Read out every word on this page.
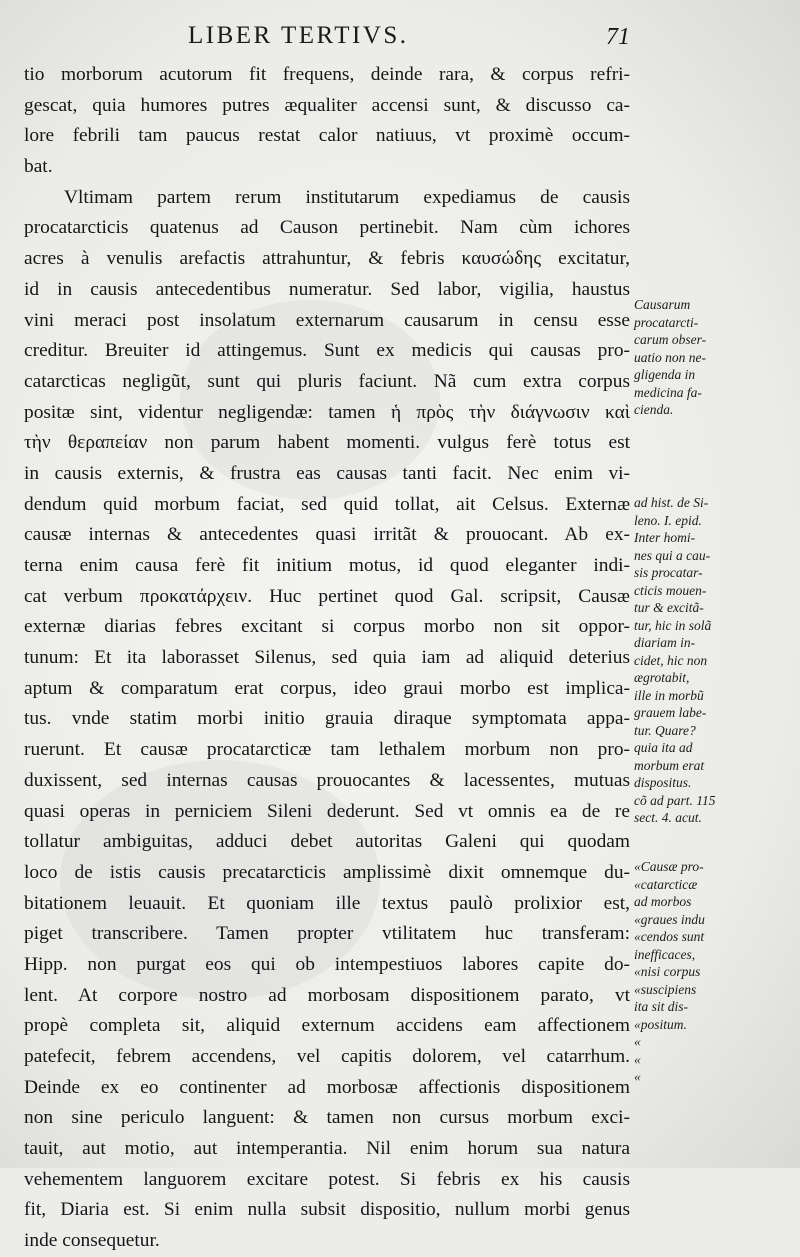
LIBER TERTIVS.	71
tio morborum acutorum fit frequens, deinde rara, & corpus refri-
gescat, quia humores putres æqualiter accensi sunt, & discusso ca-
lore febrili tam paucus restat calor natiuus, vt proximè occum-
bat.
Vltimam partem rerum institutarum expediamus de causis
procatarcticis quatenus ad Causon pertinebit. Nam cùm ichores
acres à venulis arefactis attrahuntur, & febris καυσώδης excitatur,
id in causis antecedentibus numeratur. Sed labor, vigilia, haustus
vini meraci post insolatum externarum causarum in censu esse
creditur. Breuiter id attingemus. Sunt ex medicis qui causas pro-
catarcticas negligũt, sunt qui pluris faciunt. Nã cum extra corpus
positæ sint, videntur negligendæ: tamen ἡ πρὸς τὴν διάγνωσιν καὶ
τὴν θεραπείαν non parum habent momenti. vulgus ferè totus est
in causis externis, & frustra eas causas tanti facit. Nec enim vi-
dendum quid morbum faciat, sed quid tollat, ait Celsus. Externæ
causæ internas & antecedentes quasi irritãt & prouocant. Ab ex-
terna enim causa ferè fit initium motus, id quod eleganter indi-
cat verbum προκατάρχειν. Huc pertinet quod Gal. scripsit, Causæ
externæ diarias febres excitant si corpus morbo non sit oppor-
tunum: Et ita laborasset Silenus, sed quia iam ad aliquid deterius
aptum & comparatum erat corpus, ideo graui morbo est implica-
tus. vnde statim morbi initio grauia diraque symptomata appa-
ruerunt. Et causæ procatarcticæ tam lethalem morbum non pro-
duxissent, sed internas causas prouocantes & lacessentes, mutuas
quasi operas in perniciem Sileni dederunt. Sed vt omnis ea de re
tollatur ambiguitas, adduci debet autoritas Galeni qui quodam
loco de istis causis precatarcticis amplissimè dixit omnemque du-
bitationem leuauit. Et quoniam ille textus paulò prolixior est,
piget transcribere. Tamen propter vtilitatem huc transferam:
Hipp. non purgat eos qui ob intempestiuos labores capite do-
lent. At corpore nostro ad morbosam dispositionem parato, vt
propè completa sit, aliquid externum accidens eam affectionem
patefecit, febrem accendens, vel capitis dolorem, vel catarrhum.
Deinde ex eo continenter ad morbosæ affectionis dispositionem
non sine periculo languent: & tamen non cursus morbum exci-
tauit, aut motio, aut intemperantia. Nil enim horum sua natura
vehementem languorem excitare potest. Si febris ex his causis
fit, Diaria est. Si enim nulla subsit dispositio, nullum morbi genus
inde consequetur.
Causarum
procatarcti-
carum obser-
uatio non ne-
gligenda in
medicina fa-
cienda.
ad hist. de Si-
leno. I. epid.
Inter homi-
nes qui a cau-
sis procatar-
cticis mouen-
tur & excitã-
tur, hic in solã
diariam in-
cidet, hic non
ægrotabit,
ille in morbũ
grauem labe-
tur. Quare?
quia ita ad
morbum erat
dispositus.
cõ ad part. 115
sect. 4. acut.
«Causæ pro-
«catarcticæ
ad morbos
«graues indu
«cendos sunt
inefficaces,
«nisi corpus
«suscipiens
ita sit dis-
«positum.
«
«
«
